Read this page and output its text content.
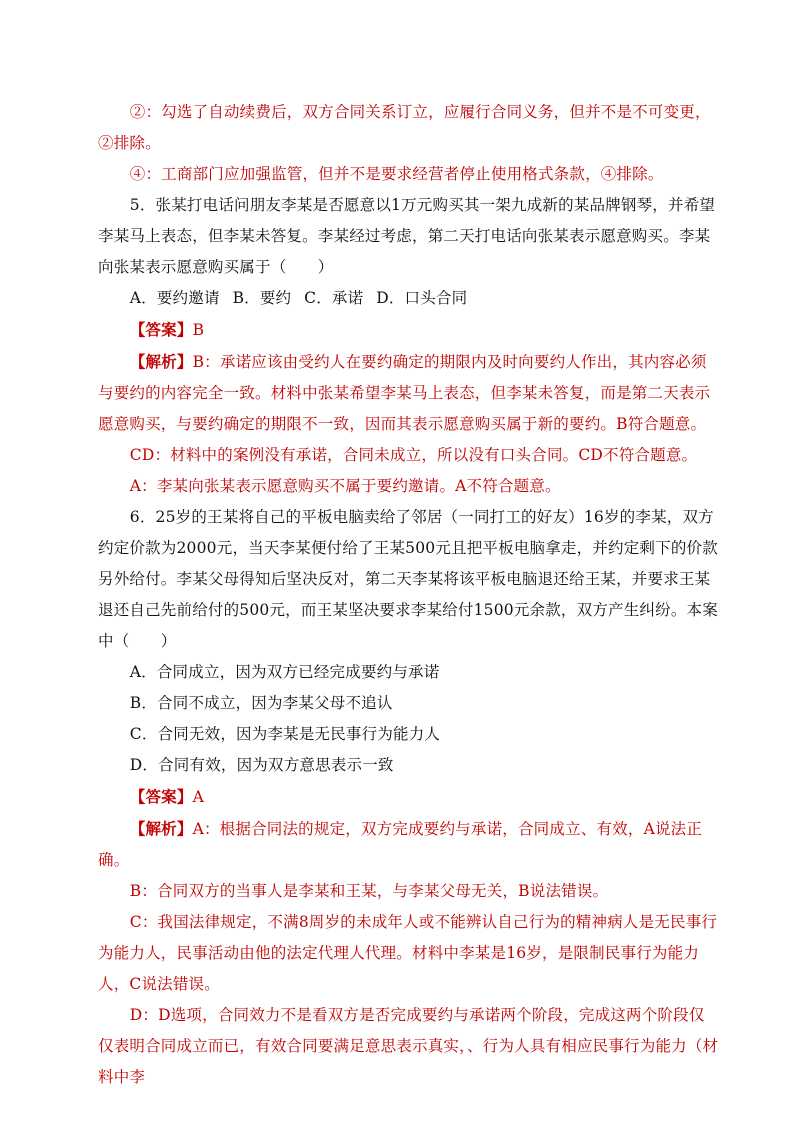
②：勾选了自动续费后，双方合同关系订立，应履行合同义务，但并不是不可变更，②排除。

④：工商部门应加强监管，但并不是要求经营者停止使用格式条款，④排除。

5．张某打电话问朋友李某是否愿意以1万元购买其一架九成新的某品牌钢琴，并希望李某马上表态，但李某未答复。李某经过考虑，第二天打电话向张某表示愿意购买。李某向张某表示愿意购买属于（　　）

A．要约邀请 B．要约 C．承诺 D．口头合同

【答案】B

【解析】B：承诺应该由受约人在要约确定的期限内及时向要约人作出，其内容必须与要约的内容完全一致。材料中张某希望李某马上表态，但李某未答复，而是第二天表示愿意购买，与要约确定的期限不一致，因而其表示愿意购买属于新的要约。B符合题意。

CD：材料中的案例没有承诺，合同未成立，所以没有口头合同。CD不符合题意。

A：李某向张某表示愿意购买不属于要约邀请。A不符合题意。

6．25岁的王某将自己的平板电脑卖给了邻居（一同打工的好友）16岁的李某，双方约定价款为2000元，当天李某便付给了王某500元且把平板电脑拿走，并约定剩下的价款另外给付。李某父母得知后坚决反对，第二天李某将该平板电脑退还给王某，并要求王某退还自己先前给付的500元，而王某坚决要求李某给付1500元余款，双方产生纠纷。本案中（　　）

A．合同成立，因为双方已经完成要约与承诺

B．合同不成立，因为李某父母不追认

C．合同无效，因为李某是无民事行为能力人

D．合同有效，因为双方意思表示一致

【答案】A

【解析】A：根据合同法的规定，双方完成要约与承诺，合同成立、有效，A说法正确。

B：合同双方的当事人是李某和王某，与李某父母无关，B说法错误。

C：我国法律规定，不满8周岁的未成年人或不能辨认自己行为的精神病人是无民事行为能力人，民事活动由他的法定代理人代理。材料中李某是16岁，是限制民事行为能力人，C说法错误。

D：D选项，合同效力不是看双方是否完成要约与承诺两个阶段，完成这两个阶段仅仅表明合同成立而已，有效合同要满足意思表示真实，、行为人具有相应民事行为能力（材料中李
